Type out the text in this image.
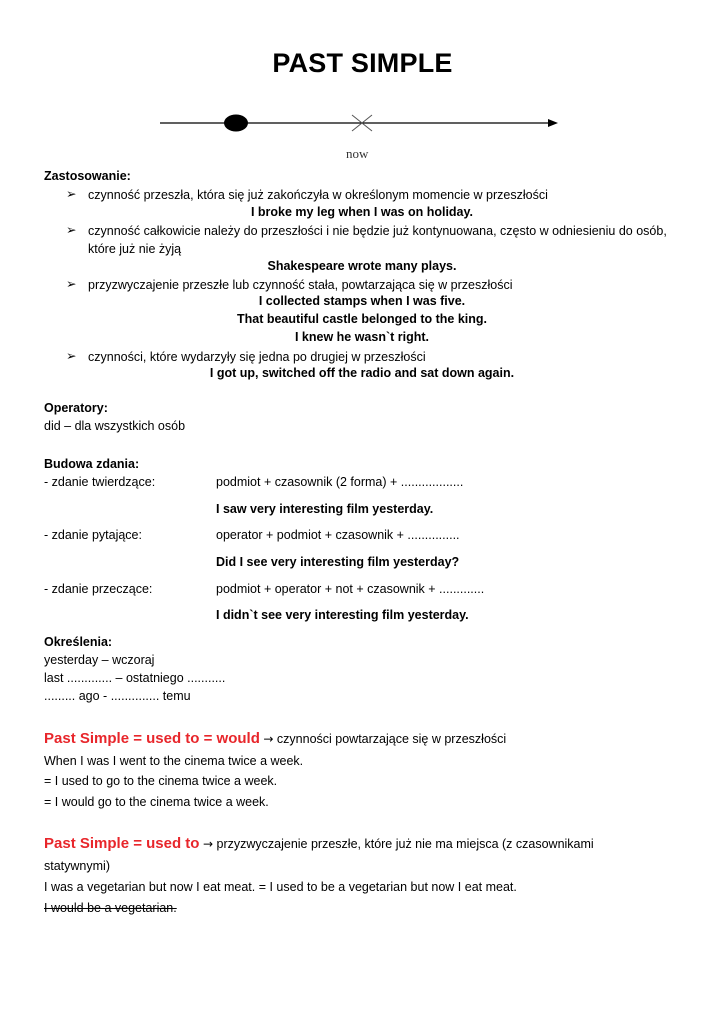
PAST SIMPLE
now
Zastosowanie:
➢ czynność przeszła, która się już zakończyła w określonym momencie w przeszłości
I broke my leg when I was on holiday.
➢ czynność całkowicie należy do przeszłości i nie będzie już kontynuowana, często w odniesieniu do osób, które już nie żyją
Shakespeare wrote many plays.
➢ przyzwyczajenie przeszłe lub czynność stała, powtarzająca się w przeszłości
I collected stamps when I was five.
That beautiful castle belonged to the king.
I knew he wasn`t right.
➢ czynności, które wydarzyły się jedna po drugiej w przeszłości
I got up, switched off the radio and sat down again.
Operatory:
did – dla wszystkich osób
Budowa zdania:
- zdanie twierdzące:	podmiot + czasownik (2 forma) + ..................
I saw very interesting film yesterday.
- zdanie pytające:	operator + podmiot + czasownik + ...............
Did I see very interesting film yesterday?
- zdanie przeczące:	podmiot + operator + not + czasownik + .............
I didn`t see very interesting film yesterday.
Określenia:
yesterday – wczoraj
last ............. – ostatniego ...........
......... ago - .............. temu
Past Simple = used to = would → czynności powtarzające się w przeszłości
When I was I went to the cinema twice a week.
= I used to go to the cinema twice a week.
= I would go to the cinema twice a week.
Past Simple = used to → przyzwyczajenie przeszłe, które już nie ma miejsca (z czasownikami
statywnymi)
I was a vegetarian but now I eat meat. = I used to be a vegetarian but now I eat meat.
I would be a vegetarian.
